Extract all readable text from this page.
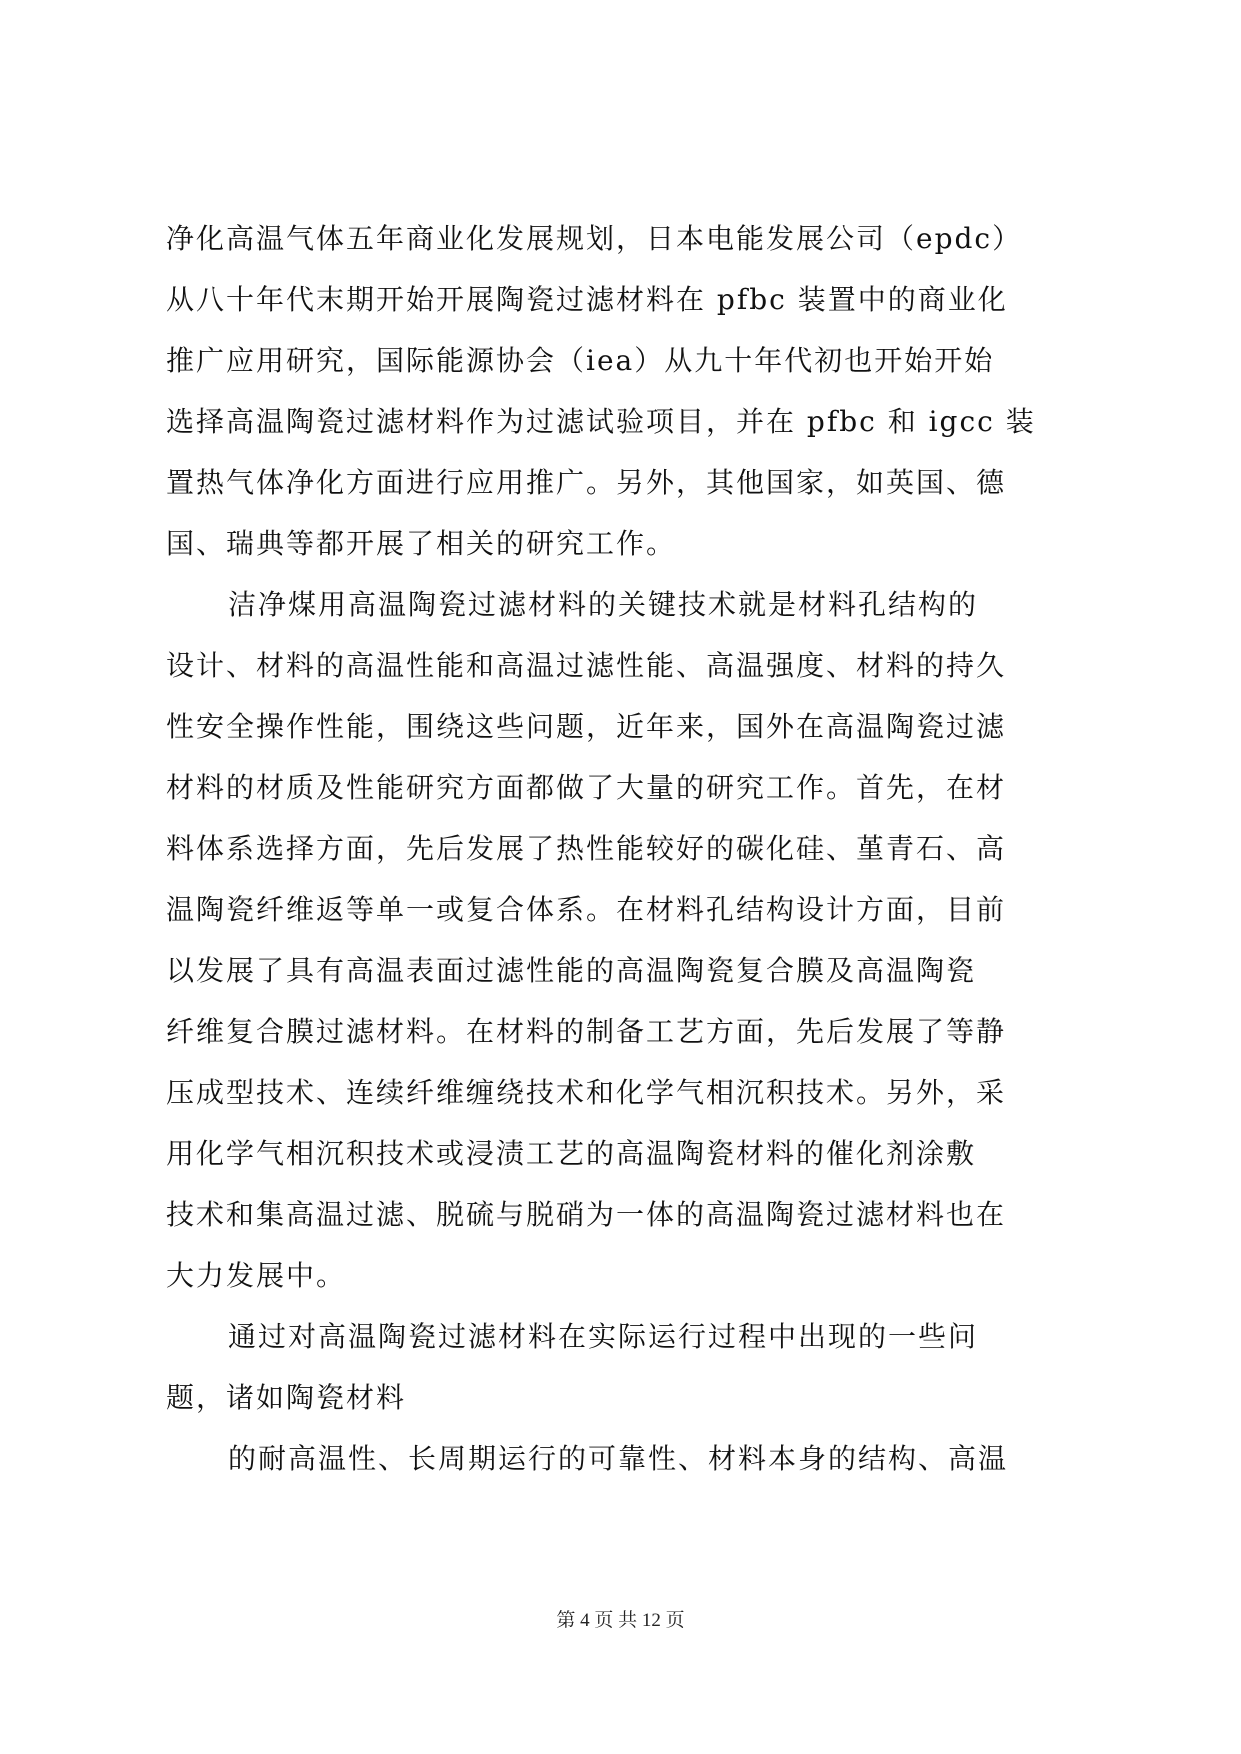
净化高温气体五年商业化发展规划，日本电能发展公司（epdc）
从八十年代末期开始开展陶瓷过滤材料在 pfbc 装置中的商业化
推广应用研究，国际能源协会（iea）从九十年代初也开始开始
选择高温陶瓷过滤材料作为过滤试验项目，并在 pfbc 和 igcc 装
置热气体净化方面进行应用推广。另外，其他国家，如英国、德
国、瑞典等都开展了相关的研究工作。
洁净煤用高温陶瓷过滤材料的关键技术就是材料孔结构的
设计、材料的高温性能和高温过滤性能、高温强度、材料的持久
性安全操作性能，围绕这些问题，近年来，国外在高温陶瓷过滤
材料的材质及性能研究方面都做了大量的研究工作。首先，在材
料体系选择方面，先后发展了热性能较好的碳化硅、堇青石、高
温陶瓷纤维返等单一或复合体系。在材料孔结构设计方面，目前
以发展了具有高温表面过滤性能的高温陶瓷复合膜及高温陶瓷
纤维复合膜过滤材料。在材料的制备工艺方面，先后发展了等静
压成型技术、连续纤维缠绕技术和化学气相沉积技术。另外，采
用化学气相沉积技术或浸渍工艺的高温陶瓷材料的催化剂涂敷
技术和集高温过滤、脱硫与脱硝为一体的高温陶瓷过滤材料也在
大力发展中。
通过对高温陶瓷过滤材料在实际运行过程中出现的一些问
题，诸如陶瓷材料
的耐高温性、长周期运行的可靠性、材料本身的结构、高温
第 4 页 共 12 页
